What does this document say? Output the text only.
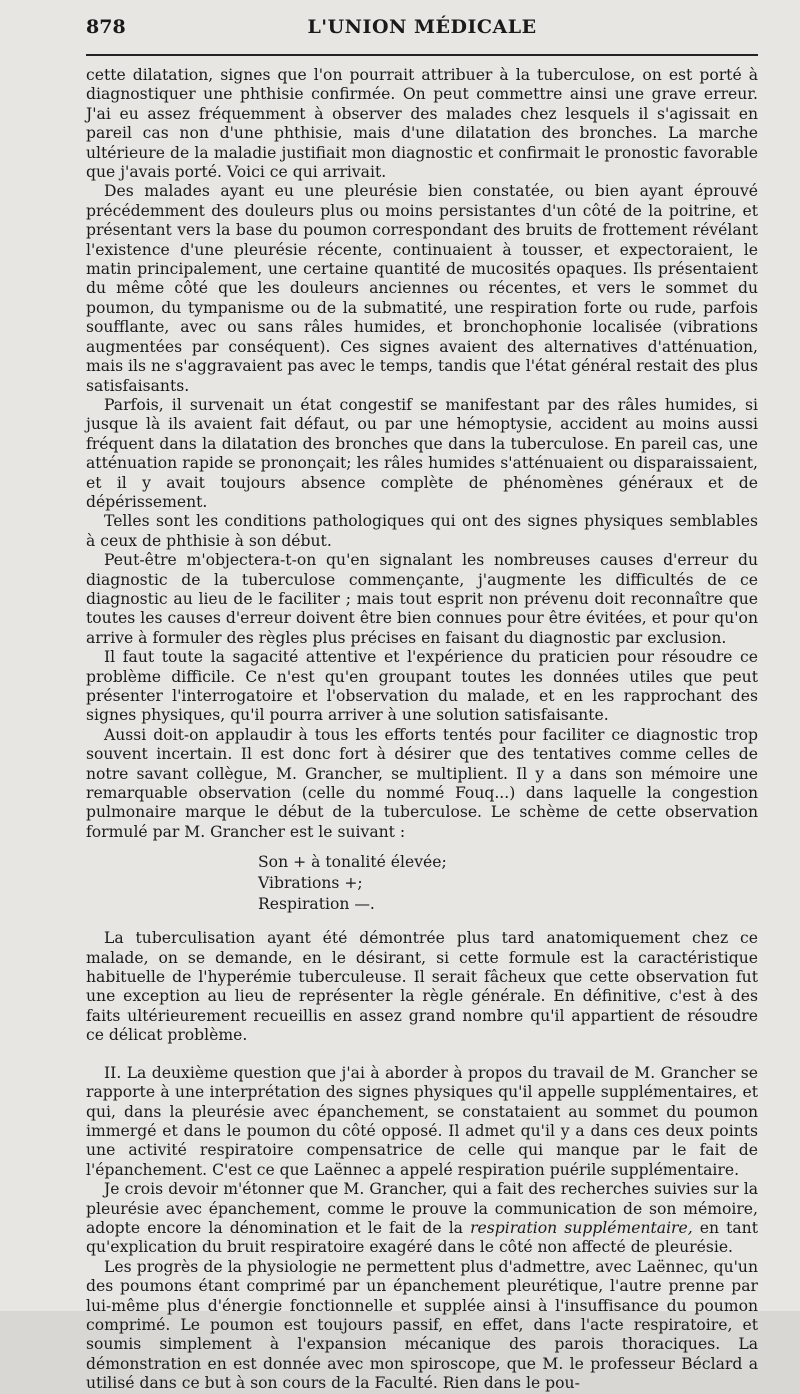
878	L'UNION MÉDICALE

cette dilatation, signes que l'on pourrait attribuer à la tuberculose, on est porté à diagnostiquer une phthisie confirmée. On peut commettre ainsi une grave erreur. J'ai eu assez fréquemment à observer des malades chez lesquels il s'agissait en pareil cas non d'une phthisie, mais d'une dilatation des bronches. La marche ultérieure de la maladie justifiait mon diagnostic et confirmait le pronostic favorable que j'avais porté. Voici ce qui arrivait.

Des malades ayant eu une pleurésie bien constatée, ou bien ayant éprouvé précédemment des douleurs plus ou moins persistantes d'un côté de la poitrine, et présentant vers la base du poumon correspondant des bruits de frottement révélant l'existence d'une pleurésie récente, continuaient à tousser, et expectoraient, le matin principalement, une certaine quantité de mucosités opaques. Ils présentaient du même côté que les douleurs anciennes ou récentes, et vers le sommet du poumon, du tympanisme ou de la submatité, une respiration forte ou rude, parfois soufflante, avec ou sans râles humides, et bronchophonie localisée (vibrations augmentées par conséquent). Ces signes avaient des alternatives d'atténuation, mais ils ne s'aggravaient pas avec le temps, tandis que l'état général restait des plus satisfaisants.

Parfois, il survenait un état congestif se manifestant par des râles humides, si jusque là ils avaient fait défaut, ou par une hémoptysie, accident au moins aussi fréquent dans la dilatation des bronches que dans la tuberculose. En pareil cas, une atténuation rapide se prononçait; les râles humides s'atténuaient ou disparaissaient, et il y avait toujours absence complète de phénomènes généraux et de dépérissement.

Telles sont les conditions pathologiques qui ont des signes physiques semblables à ceux de phthisie à son début.

Peut-être m'objectera-t-on qu'en signalant les nombreuses causes d'erreur du diagnostic de la tuberculose commençante, j'augmente les difficultés de ce diagnostic au lieu de le faciliter ; mais tout esprit non prévenu doit reconnaître que toutes les causes d'erreur doivent être bien connues pour être évitées, et pour qu'on arrive à formuler des règles plus précises en faisant du diagnostic par exclusion.

Il faut toute la sagacité attentive et l'expérience du praticien pour résoudre ce problème difficile. Ce n'est qu'en groupant toutes les données utiles que peut présenter l'interrogatoire et l'observation du malade, et en les rapprochant des signes physiques, qu'il pourra arriver à une solution satisfaisante.

Aussi doit-on applaudir à tous les efforts tentés pour faciliter ce diagnostic trop souvent incertain. Il est donc fort à désirer que des tentatives comme celles de notre savant collègue, M. Grancher, se multiplient. Il y a dans son mémoire une remarquable observation (celle du nommé Fouq...) dans laquelle la congestion pulmonaire marque le début de la tuberculose. Le schème de cette observation formulé par M. Grancher est le suivant :

Son + à tonalité élevée;
Vibrations +;
Respiration —.

La tuberculisation ayant été démontrée plus tard anatomiquement chez ce malade, on se demande, en le désirant, si cette formule est la caractéristique habituelle de l'hyperémie tuberculeuse. Il serait fâcheux que cette observation fut une exception au lieu de représenter la règle générale. En définitive, c'est à des faits ultérieurement recueillis en assez grand nombre qu'il appartient de résoudre ce délicat problème.

II. La deuxième question que j'ai à aborder à propos du travail de M. Grancher se rapporte à une interprétation des signes physiques qu'il appelle supplémentaires, et qui, dans la pleurésie avec épanchement, se constataient au sommet du poumon immergé et dans le poumon du côté opposé. Il admet qu'il y a dans ces deux points une activité respiratoire compensatrice de celle qui manque par le fait de l'épanchement. C'est ce que Laënnec a appelé respiration puérile supplémentaire.

Je crois devoir m'étonner que M. Grancher, qui a fait des recherches suivies sur la pleurésie avec épanchement, comme le prouve la communication de son mémoire, adopte encore la dénomination et le fait de la respiration supplémentaire, en tant qu'explication du bruit respiratoire exagéré dans le côté non affecté de pleurésie.

Les progrès de la physiologie ne permettent plus d'admettre, avec Laënnec, qu'un des poumons étant comprimé par un épanchement pleurétique, l'autre prenne par lui-même plus d'énergie fonctionnelle et supplée ainsi à l'insuffisance du poumon comprimé. Le poumon est toujours passif, en effet, dans l'acte respiratoire, et soumis simplement à l'expansion mécanique des parois thoraciques. La démonstration en est donnée avec mon spiroscope, que M. le professeur Béclard a utilisé dans ce but à son cours de la Faculté. Rien dans le pou-
